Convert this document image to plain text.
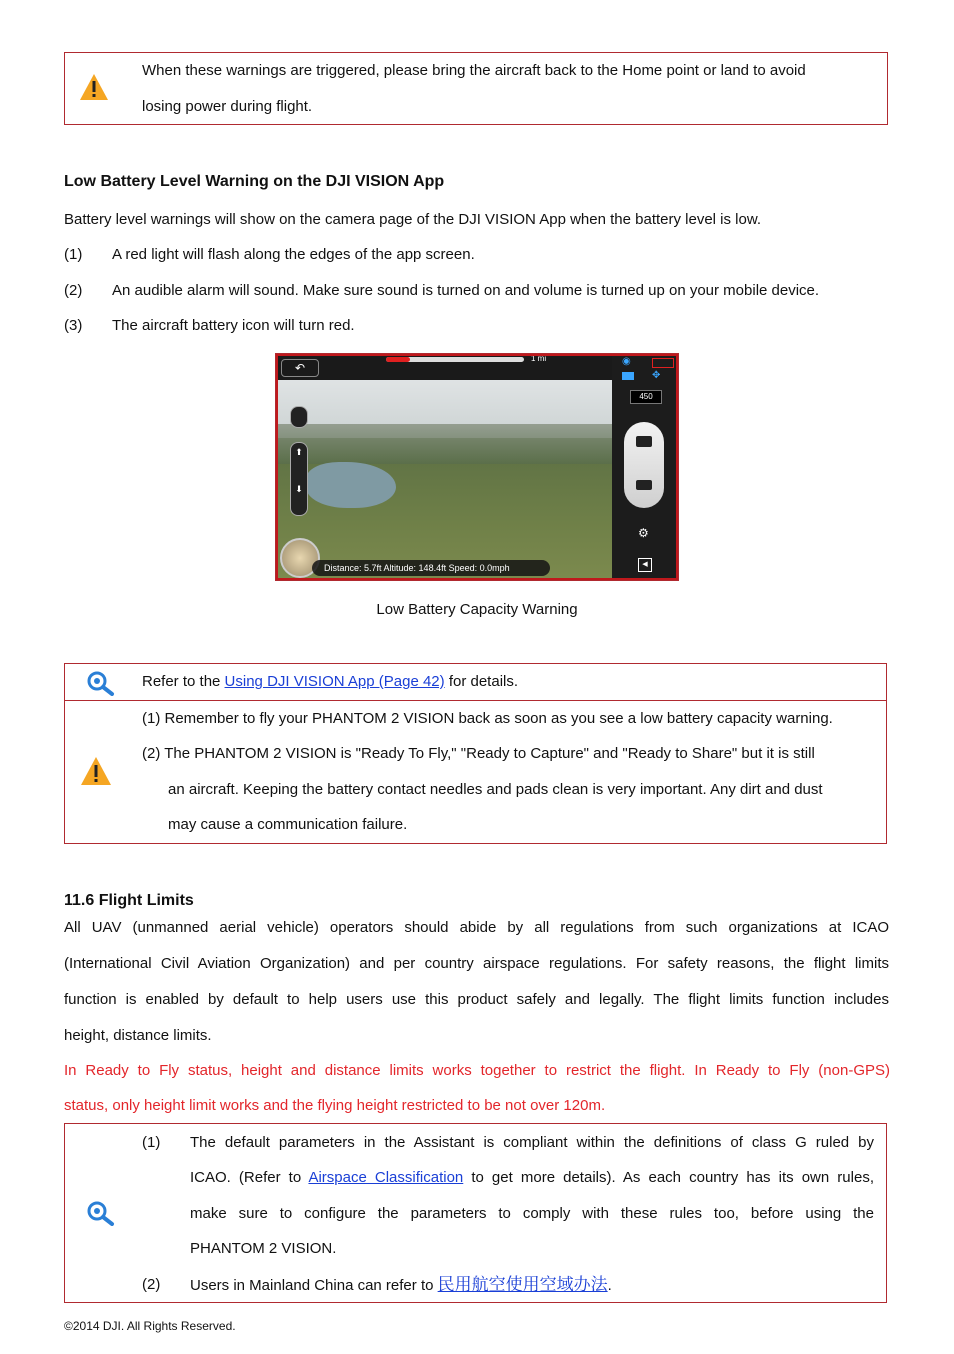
When these warnings are triggered, please bring the aircraft back to the Home point or land to avoid
losing power during flight.
Low Battery Level Warning on the DJI VISION App
Battery level warnings will show on the camera page of the DJI VISION App when the battery level is low.
(1) A red light will flash along the edges of the app screen.
(2) An audible alarm will sound. Make sure sound is turned on and volume is turned up on your mobile device.
(3) The aircraft battery icon will turn red.
↶
1 mi
⬆
⬇
Distance: 5.7ft Altitude: 148.4ft Speed: 0.0mph
◉
✥
450
⚙
◀
Low Battery Capacity Warning
Refer to the Using DJI VISION App (Page 42) for details.
(1) Remember to fly your PHANTOM 2 VISION back as soon as you see a low battery capacity warning.
(2) The PHANTOM 2 VISION is "Ready To Fly," "Ready to Capture" and "Ready to Share" but it is still
an aircraft. Keeping the battery contact needles and pads clean is very important. Any dirt and dust
may cause a communication failure.
11.6 Flight Limits
All UAV (unmanned aerial vehicle) operators should abide by all regulations from such organizations at ICAO
(International Civil Aviation Organization) and per country airspace regulations. For safety reasons, the flight limits
function is enabled by default to help users use this product safely and legally. The flight limits function includes
height, distance limits.
In Ready to Fly status, height and distance limits works together to restrict the flight. In Ready to Fly (non-GPS)
status, only height limit works and the flying height restricted to be not over 120m.
(1) The default parameters in the Assistant is compliant within the definitions of class G ruled by
ICAO. (Refer to Airspace Classification to get more details). As each country has its own rules,
make sure to configure the parameters to comply with these rules too, before using the
PHANTOM 2 VISION.
(2) Users in Mainland China can refer to 民用航空使用空域办法.
©2014 DJI. All Rights Reserved.
